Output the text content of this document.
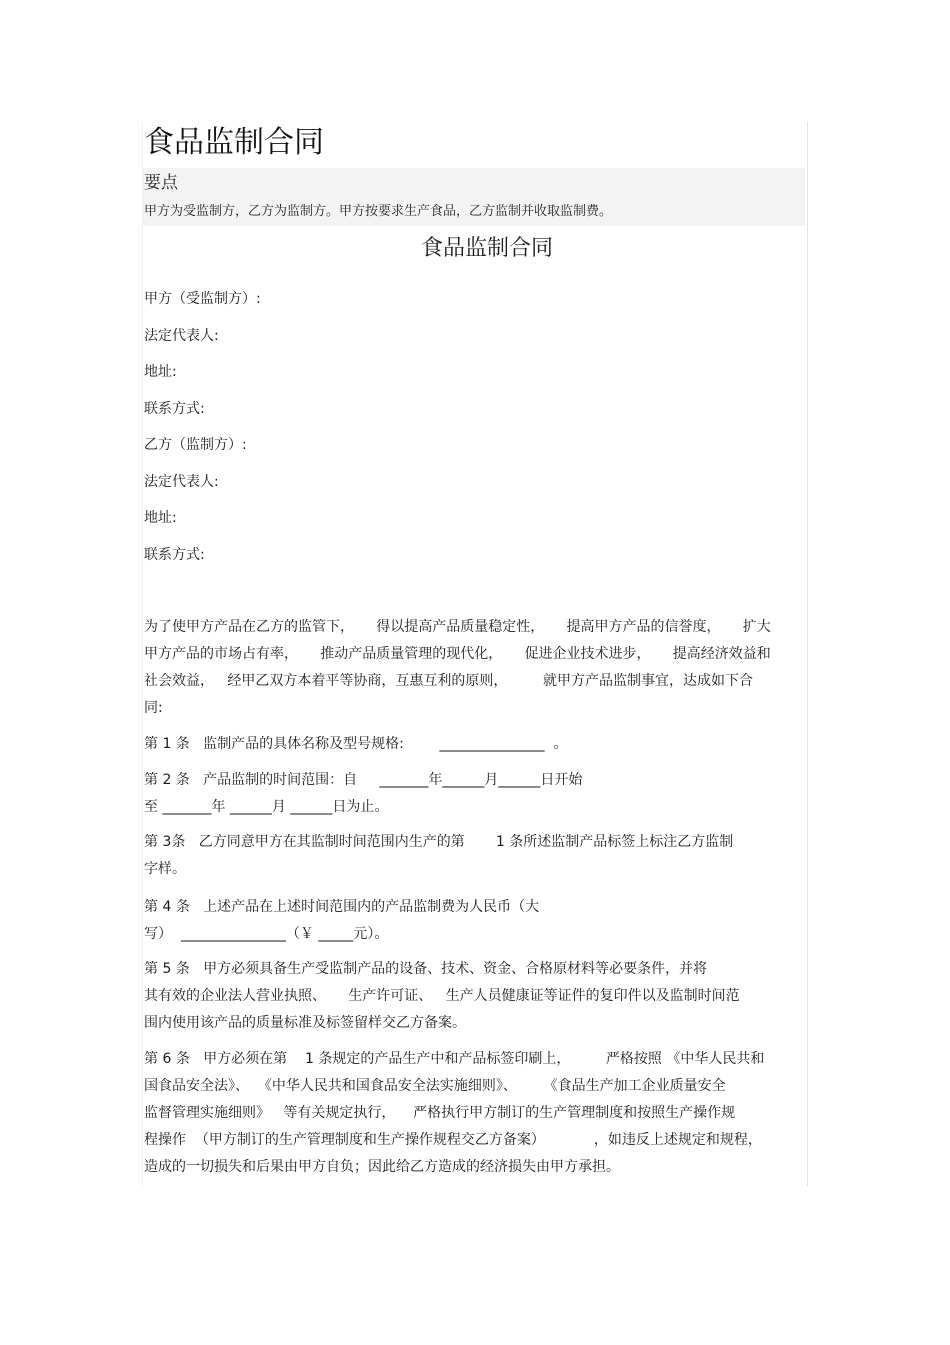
食品监制合同
要点
甲方为受监制方，乙方为监制方。甲方按要求生产食品，乙方监制并收取监制费。
食品监制合同
甲方（受监制方）:
法定代表人:
地址:
联系方式:
乙方（监制方）:
法定代表人:
地址:
联系方式:
为了使甲方产品在乙方的监管下，     得以提高产品质量稳定性，     提高甲方产品的信誉度，     扩大
甲方产品的市场占有率，     推动产品质量管理的现代化，     促进企业技术进步，     提高经济效益和
社会效益，   经甲乙双方本着平等协商，互惠互利的原则，        就甲方产品监制事宜，达成如下合
同:
第 1 条   监制产品的具体名称及型号规格:        _______________  。
第 2 条   产品监制的时间范围：自     _______年______月______日开始
至 _______年 ______月 ______日为止。
第 3条   乙方同意甲方在其监制时间范围内生产的第       1 条所述监制产品标签上标注乙方监制
字样。
第 4 条   上述产品在上述时间范围内的产品监制费为人民币（大
写）  _______________（￥ _____元）。
第 5 条   甲方必须具备生产受监制产品的设备、技术、资金、合格原材料等必要条件，并将
其有效的企业法人营业执照、     生产许可证、   生产人员健康证等证件的复印件以及监制时间范
围内使用该产品的质量标准及标签留样交乙方备案。
第 6 条   甲方必须在第    1 条规定的产品生产中和产品标签印刷上，        严格按照 《中华人民共和
国食品安全法》、  《中华人民共和国食品安全法实施细则》、      《食品生产加工企业质量安全
监督管理实施细则》   等有关规定执行，    严格执行甲方制订的生产管理制度和按照生产操作规
程操作  （甲方制订的生产管理制度和生产操作规程交乙方备案）           ，如违反上述规定和规程，
造成的一切损失和后果由甲方自负；因此给乙方造成的经济损失由甲方承担。
